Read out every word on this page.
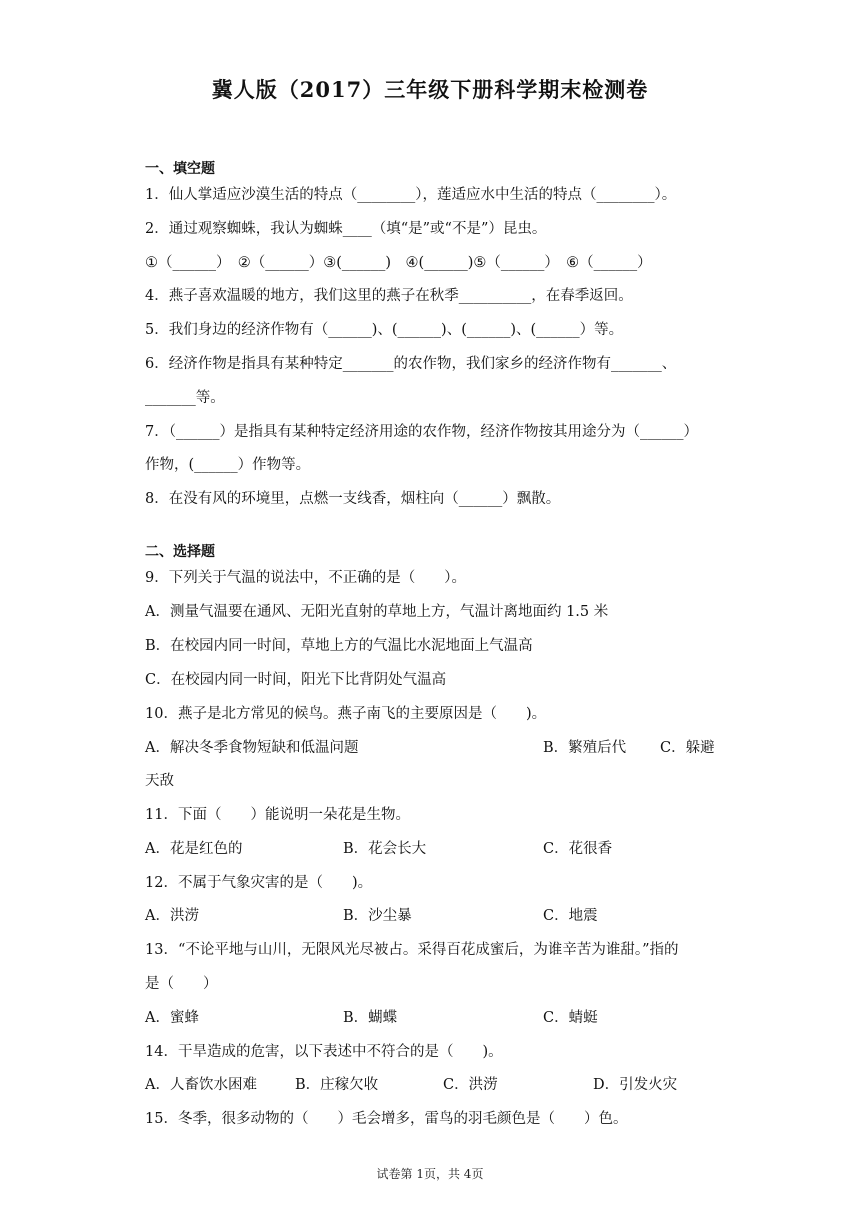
冀人版（2017）三年级下册科学期末检测卷
一、填空题
1．仙人掌适应沙漠生活的特点（________），莲适应水中生活的特点（________）。
2．通过观察蜘蛛，我认为蜘蛛____（填“是”或“不是”）昆虫。
①（______）　②（______）③(______)　④(______)⑤（______）　⑥（______）
4．燕子喜欢温暖的地方，我们这里的燕子在秋季__________，在春季返回。
5．我们身边的经济作物有（______)、(______)、(______)、(______）等。
6．经济作物是指具有某种特定_______的农作物，我们家乡的经济作物有_______、
_______等。
7．（______）是指具有某种特定经济用途的农作物，经济作物按其用途分为（______）
作物，(______）作物等。
8．在没有风的环境里，点燃一支线香，烟柱向（______）飘散。
二、选择题
9．下列关于气温的说法中，不正确的是（　　）。
A．测量气温要在通风、无阳光直射的草地上方，气温计离地面约 1.5 米
B．在校园内同一时间，草地上方的气温比水泥地面上气温高
C．在校园内同一时间，阳光下比背阴处气温高
10．燕子是北方常见的候鸟。燕子南飞的主要原因是（　　)。
A．解决冬季食物短缺和低温问题	B．繁殖后代 C．躲避
天敌
11．下面（　　）能说明一朵花是生物。
A．花是红色的	B．花会长大	C．花很香
12．不属于气象灾害的是（　　)。
A．洪涝	B．沙尘暴	C．地震
13．“不论平地与山川，无限风光尽被占。采得百花成蜜后，为谁辛苦为谁甜。”指的
是（　　）
A．蜜蜂	B．蝴蝶	C．蜻蜓
14．干旱造成的危害，以下表述中不符合的是（　　)。
A．人畜饮水困难	B．庄稼欠收	C．洪涝	D．引发火灾
15．冬季，很多动物的（　　）毛会增多，雷鸟的羽毛颜色是（　　）色。
试卷第 1页，共 4页
